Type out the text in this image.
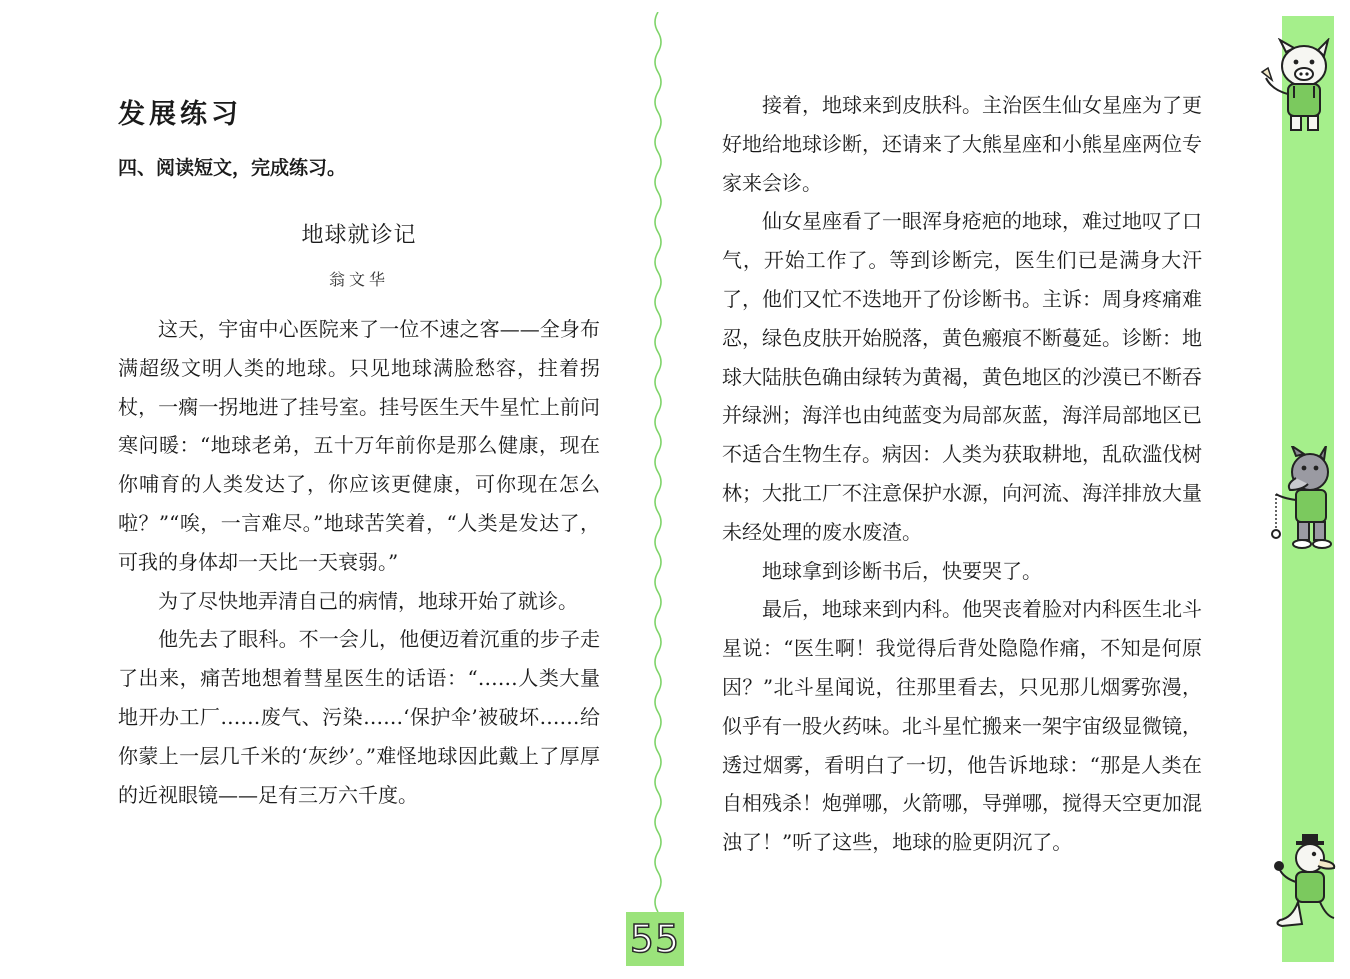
发展练习
四、阅读短文，完成练习。
地球就诊记
翁文华

这天，宇宙中心医院来了一位不速之客——全身布满超级文明人类的地球。只见地球满脸愁容，拄着拐杖，一瘸一拐地进了挂号室。挂号医生天牛星忙上前问寒问暖：“地球老弟，五十万年前你是那么健康，现在你哺育的人类发达了，你应该更健康，可你现在怎么啦？”“唉，一言难尽。”地球苦笑着，“人类是发达了，可我的身体却一天比一天衰弱。”

为了尽快地弄清自己的病情，地球开始了就诊。

他先去了眼科。不一会儿，他便迈着沉重的步子走了出来，痛苦地想着彗星医生的话语：“……人类大量地开办工厂……废气、污染……‘保护伞’被破坏……给你蒙上一层几千米的‘灰纱’。”难怪地球因此戴上了厚厚的近视眼镜——足有三万六千度。

接着，地球来到皮肤科。主治医生仙女星座为了更好地给地球诊断，还请来了大熊星座和小熊星座两位专家来会诊。

仙女星座看了一眼浑身疮疤的地球，难过地叹了口气，开始工作了。等到诊断完，医生们已是满身大汗了，他们又忙不迭地开了份诊断书。主诉：周身疼痛难忍，绿色皮肤开始脱落，黄色瘢痕不断蔓延。诊断：地球大陆肤色确由绿转为黄褐，黄色地区的沙漠已不断吞并绿洲；海洋也由纯蓝变为局部灰蓝，海洋局部地区已不适合生物生存。病因：人类为获取耕地，乱砍滥伐树林；大批工厂不注意保护水源，向河流、海洋排放大量未经处理的废水废渣。

地球拿到诊断书后，快要哭了。

最后，地球来到内科。他哭丧着脸对内科医生北斗星说：“医生啊！我觉得后背处隐隐作痛，不知是何原因？”北斗星闻说，往那里看去，只见那儿烟雾弥漫，似乎有一股火药味。北斗星忙搬来一架宇宙级显微镜，透过烟雾，看明白了一切，他告诉地球：“那是人类在自相残杀！炮弹哪，火箭哪，导弹哪，搅得天空更加混浊了！”听了这些，地球的脸更阴沉了。

55
